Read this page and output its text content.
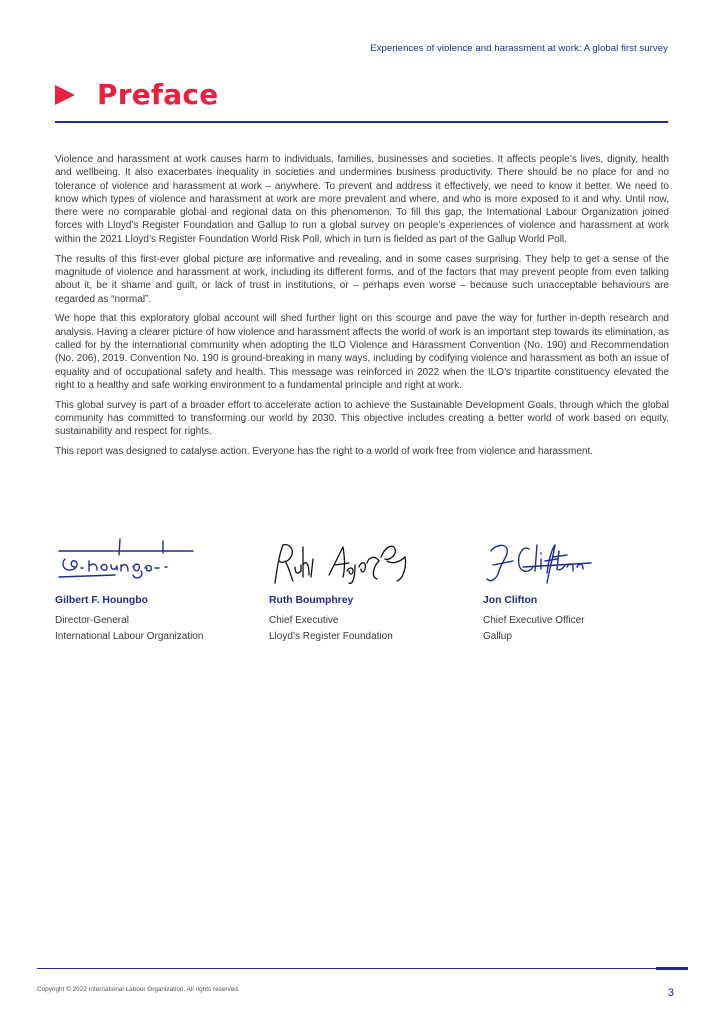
Experiences of violence and harassment at work: A global first survey
Preface

Violence and harassment at work causes harm to individuals, families, businesses and societies. It affects people’s lives, dignity, health and wellbeing. It also exacerbates inequality in societies and undermines business productivity. There should be no place for and no tolerance of violence and harassment at work – anywhere. To prevent and address it effectively, we need to know it better. We need to know which types of violence and harassment at work are more prevalent and where, and who is more exposed to it and why. Until now, there were no comparable global and regional data on this phenomenon. To fill this gap, the International Labour Organization joined forces with Lloyd’s Register Foundation and Gallup to run a global survey on people’s experiences of violence and harassment at work within the 2021 Lloyd’s Register Foundation World Risk Poll, which in turn is fielded as part of the Gallup World Poll.

The results of this first-ever global picture are informative and revealing, and in some cases surprising. They help to get a sense of the magnitude of violence and harassment at work, including its different forms, and of the factors that may prevent people from even talking about it, be it shame and guilt, or lack of trust in institutions, or – perhaps even worse – because such unacceptable behaviours are regarded as “normal”.

We hope that this exploratory global account will shed further light on this scourge and pave the way for further in-depth research and analysis. Having a clearer picture of how violence and harassment affects the world of work is an important step towards its elimination, as called for by the international community when adopting the ILO Violence and Harassment Convention (No. 190) and Recommendation (No. 206), 2019. Convention No. 190 is ground-breaking in many ways, including by codifying violence and harassment as both an issue of equality and of occupational safety and health. This message was reinforced in 2022 when the ILO’s tripartite constituency elevated the right to a healthy and safe working environment to a fundamental principle and right at work.

This global survey is part of a broader effort to accelerate action to achieve the Sustainable Development Goals, through which the global community has committed to transforming our world by 2030. This objective includes creating a better world of work based on equity, sustainability and respect for rights.

This report was designed to catalyse action. Everyone has the right to a world of work free from violence and harassment.

Gilbert F. Houngbo
Director-General
International Labour Organization
Ruth Boumphrey
Chief Executive
Lloyd’s Register Foundation
Jon Clifton
Chief Executive Officer
Gallup
Copyright © 2022 International Labour Organization. All rights reserved.	3
